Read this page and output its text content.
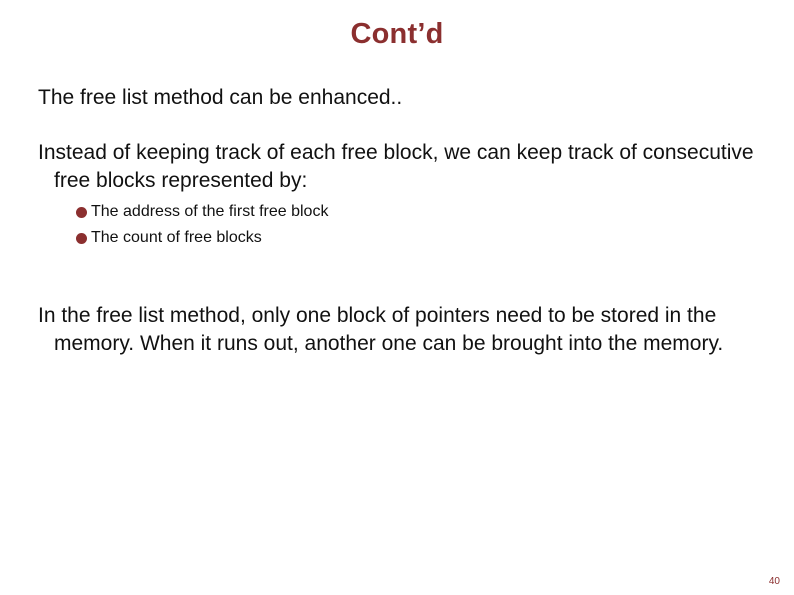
Cont’d
The free list method can be enhanced..
Instead of keeping track of each free block, we can keep track of consecutive free blocks represented by:
The address of the first free block
The count of free blocks
In the free list method, only one block of pointers need to be stored in the memory. When it runs out, another one can be brought into the memory.
40
